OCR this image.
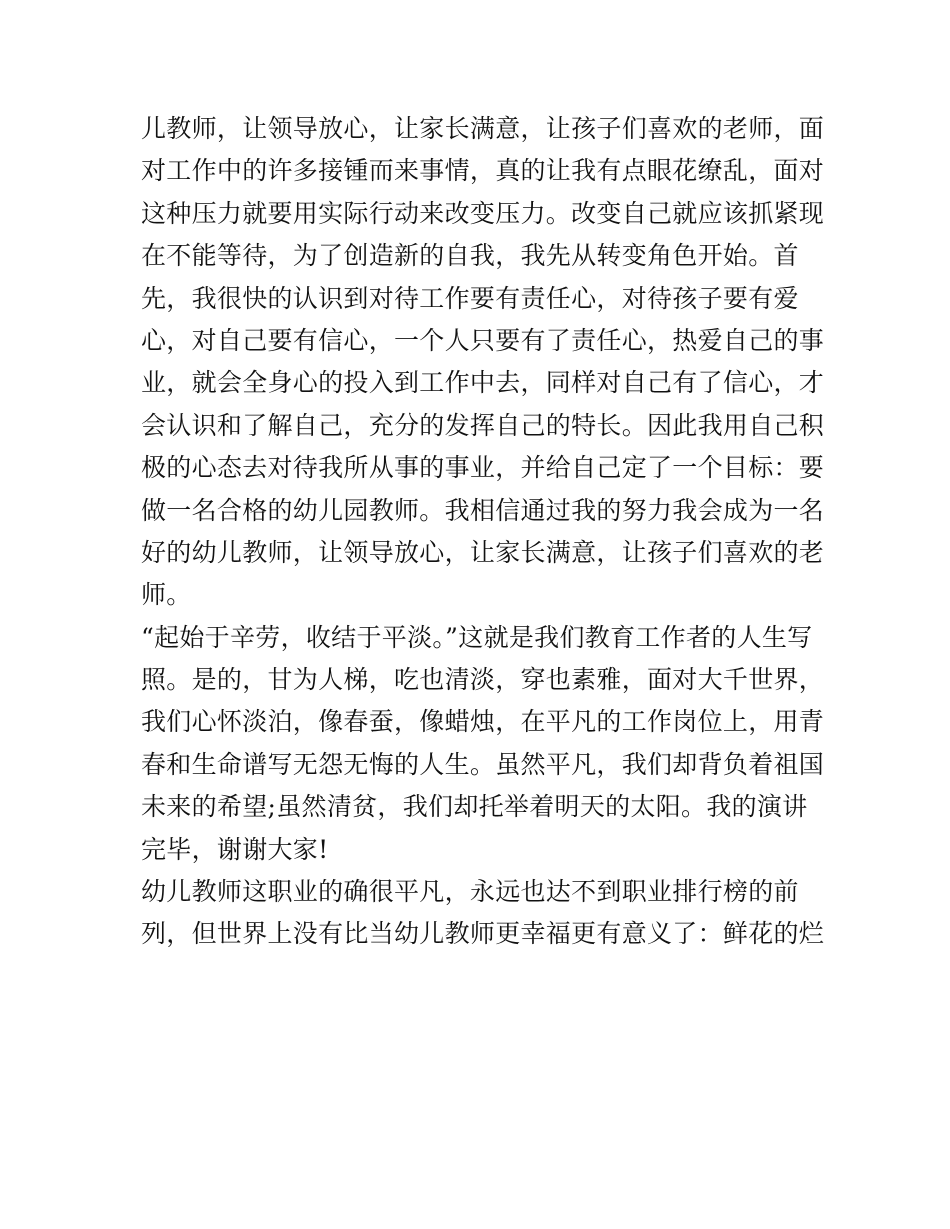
儿教师，让领导放心，让家长满意，让孩子们喜欢的老师，面
对工作中的许多接锺而来事情，真的让我有点眼花缭乱，面对
这种压力就要用实际行动来改变压力。改变自己就应该抓紧现
在不能等待，为了创造新的自我，我先从转变角色开始。首
先，我很快的认识到对待工作要有责任心，对待孩子要有爱
心，对自己要有信心，一个人只要有了责任心，热爱自己的事
业，就会全身心的投入到工作中去，同样对自己有了信心，才
会认识和了解自己，充分的发挥自己的特长。因此我用自己积
极的心态去对待我所从事的事业，并给自己定了一个目标：要
做一名合格的幼儿园教师。我相信通过我的努力我会成为一名
好的幼儿教师，让领导放心，让家长满意，让孩子们喜欢的老
师。
“起始于辛劳，收结于平淡。”这就是我们教育工作者的人生写
照。是的，甘为人梯，吃也清淡，穿也素雅，面对大千世界，
我们心怀淡泊，像春蚕，像蜡烛，在平凡的工作岗位上，用青
春和生命谱写无怨无悔的人生。虽然平凡，我们却背负着祖国
未来的希望;虽然清贫，我们却托举着明天的太阳。我的演讲
完毕，谢谢大家!
幼儿教师这职业的确很平凡，永远也达不到职业排行榜的前
列，但世界上没有比当幼儿教师更幸福更有意义了：鲜花的烂
